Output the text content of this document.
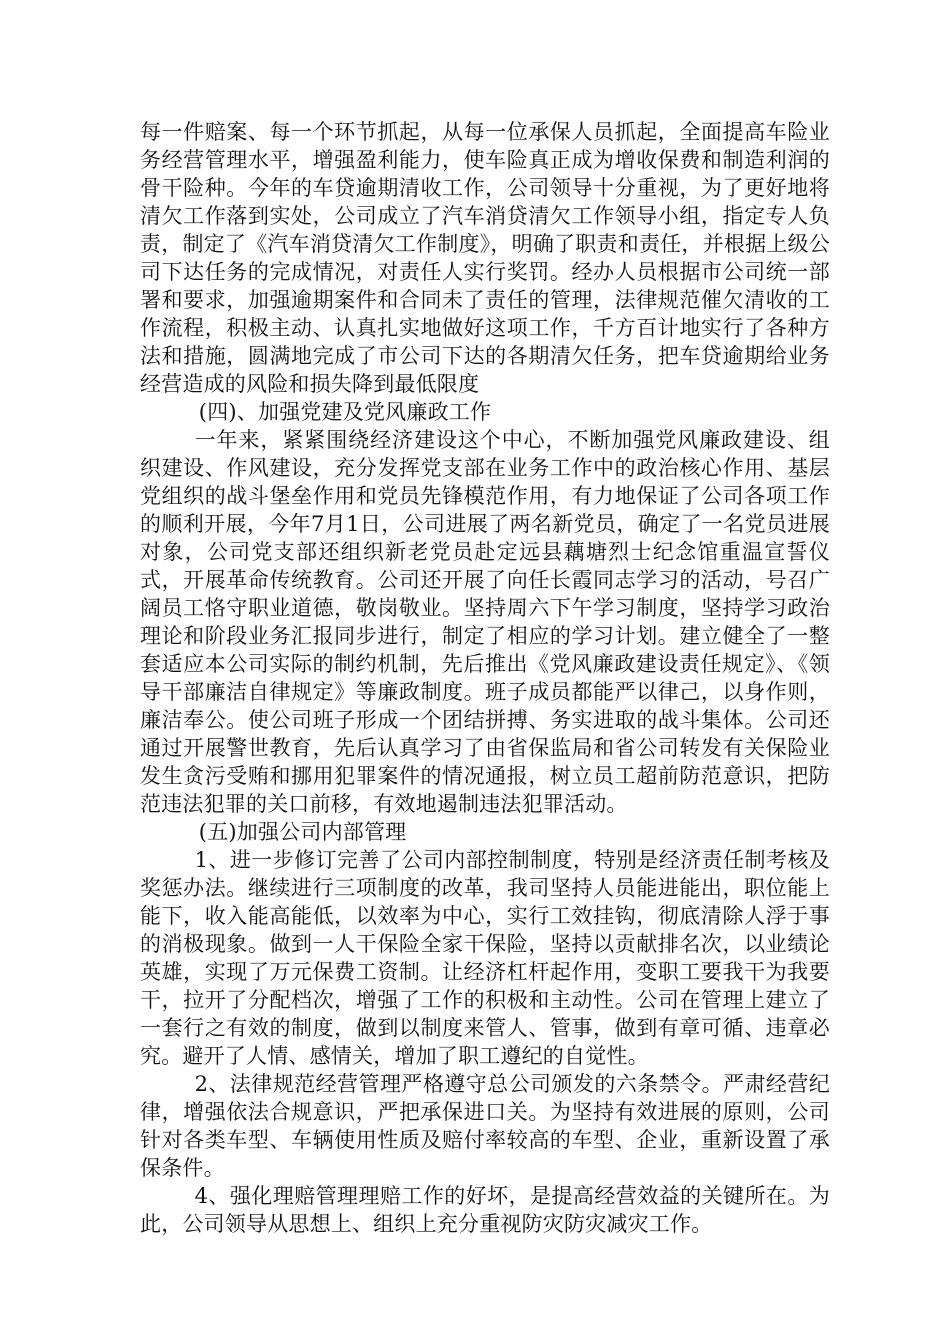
每一件赔案、每一个环节抓起，从每一位承保人员抓起，全面提高车险业务经营管理水平，增强盈利能力，使车险真正成为增收保费和制造利润的骨干险种。今年的车贷逾期清收工作，公司领导十分重视，为了更好地将清欠工作落到实处，公司成立了汽车消贷清欠工作领导小组，指定专人负责，制定了《汽车消贷清欠工作制度》，明确了职责和责任，并根据上级公司下达任务的完成情况，对责任人实行奖罚。经办人员根据市公司统一部署和要求，加强逾期案件和合同未了责任的管理，法律规范催欠清收的工作流程，积极主动、认真扎实地做好这项工作，千方百计地实行了各种方法和措施，圆满地完成了市公司下达的各期清欠任务，把车贷逾期给业务经营造成的风险和损失降到最低限度

(四)、加强党建及党风廉政工作

一年来，紧紧围绕经济建设这个中心，不断加强党风廉政建设、组织建设、作风建设，充分发挥党支部在业务工作中的政治核心作用、基层党组织的战斗堡垒作用和党员先锋模范作用，有力地保证了公司各项工作的顺利开展，今年7月1日，公司进展了两名新党员，确定了一名党员进展对象，公司党支部还组织新老党员赴定远县藕塘烈士纪念馆重温宣誓仪式，开展革命传统教育。公司还开展了向任长霞同志学习的活动，号召广阔员工恪守职业道德，敬岗敬业。坚持周六下午学习制度，坚持学习政治理论和阶段业务汇报同步进行，制定了相应的学习计划。建立健全了一整套适应本公司实际的制约机制，先后推出《党风廉政建设责任规定》、《领导干部廉洁自律规定》等廉政制度。班子成员都能严以律己，以身作则，廉洁奉公。使公司班子形成一个团结拼搏、务实进取的战斗集体。公司还通过开展警世教育，先后认真学习了由省保监局和省公司转发有关保险业发生贪污受贿和挪用犯罪案件的情况通报，树立员工超前防范意识，把防范违法犯罪的关口前移，有效地遏制违法犯罪活动。

(五)加强公司内部管理

1、进一步修订完善了公司内部控制制度，特别是经济责任制考核及奖惩办法。继续进行三项制度的改革，我司坚持人员能进能出，职位能上能下，收入能高能低，以效率为中心，实行工效挂钩，彻底清除人浮于事的消极现象。做到一人干保险全家干保险，坚持以贡献排名次，以业绩论英雄，实现了万元保费工资制。让经济杠杆起作用，变职工要我干为我要干，拉开了分配档次，增强了工作的积极和主动性。公司在管理上建立了一套行之有效的制度，做到以制度来管人、管事，做到有章可循、违章必究。避开了人情、感情关，增加了职工遵纪的自觉性。

2、法律规范经营管理严格遵守总公司颁发的六条禁令。严肃经营纪律，增强依法合规意识，严把承保进口关。为坚持有效进展的原则，公司针对各类车型、车辆使用性质及赔付率较高的车型、企业，重新设置了承保条件。

4、强化理赔管理理赔工作的好坏，是提高经营效益的关键所在。为此，公司领导从思想上、组织上充分重视防灾防灾减灾工作。
